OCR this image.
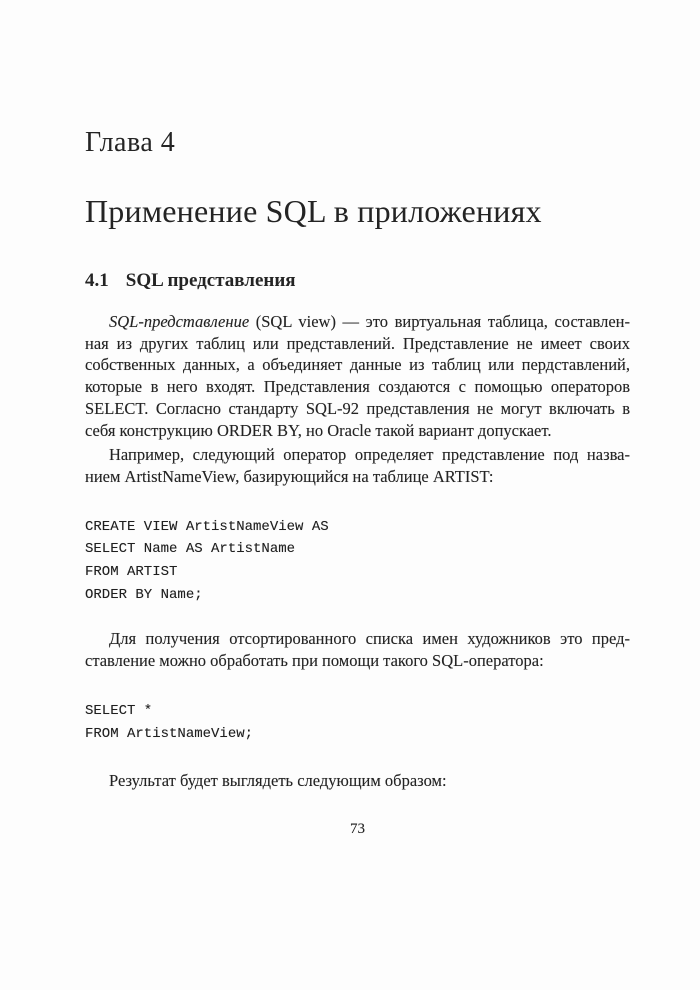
Глава 4
Применение SQL в приложениях
4.1 SQL представления
SQL-представление (SQL view) — это виртуальная таблица, составлен-
ная из других таблиц или представлений. Представление не имеет своих
собственных данных, а объединяет данные из таблиц или пердставлений,
которые в него входят. Представления создаются с помощью операторов
SELECT. Согласно стандарту SQL-92 представления не могут включать в
себя конструкцию ORDER BY, но Oracle такой вариант допускает.
Например, следующий оператор определяет представление под назва-
нием ArtistNameView, базирующийся на таблице ARTIST:
CREATE VIEW ArtistNameView AS
SELECT Name AS ArtistName
FROM ARTIST
ORDER BY Name;
Для получения отсортированного списка имен художников это пред-
ставление можно обработать при помощи такого SQL-оператора:
SELECT *
FROM ArtistNameView;
Результат будет выглядеть следующим образом:
73
